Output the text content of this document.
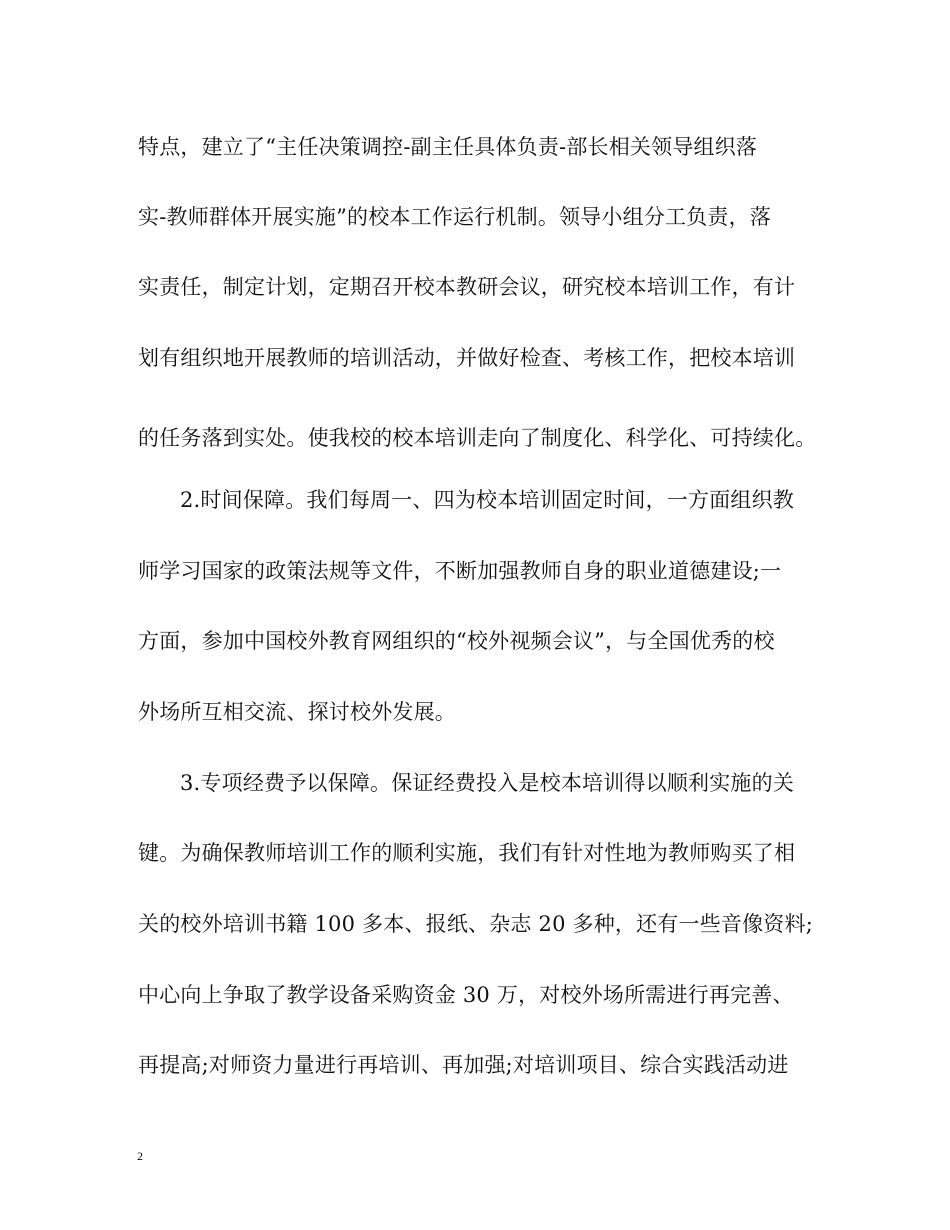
特点，建立了“主任决策调控-副主任具体负责-部长相关领导组织落
实-教师群体开展实施”的校本工作运行机制。领导小组分工负责，落
实责任，制定计划，定期召开校本教研会议，研究校本培训工作，有计
划有组织地开展教师的培训活动，并做好检查、考核工作，把校本培训
的任务落到实处。使我校的校本培训走向了制度化、科学化、可持续化。
2.时间保障。我们每周一、四为校本培训固定时间，一方面组织教
师学习国家的政策法规等文件，不断加强教师自身的职业道德建设;一
方面，参加中国校外教育网组织的“校外视频会议”，与全国优秀的校
外场所互相交流、探讨校外发展。
3.专项经费予以保障。保证经费投入是校本培训得以顺利实施的关
键。为确保教师培训工作的顺利实施，我们有针对性地为教师购买了相
关的校外培训书籍 100 多本、报纸、杂志 20 多种，还有一些音像资料;
中心向上争取了教学设备采购资金 30 万，对校外场所需进行再完善、
再提高;对师资力量进行再培训、再加强;对培训项目、综合实践活动进
2
